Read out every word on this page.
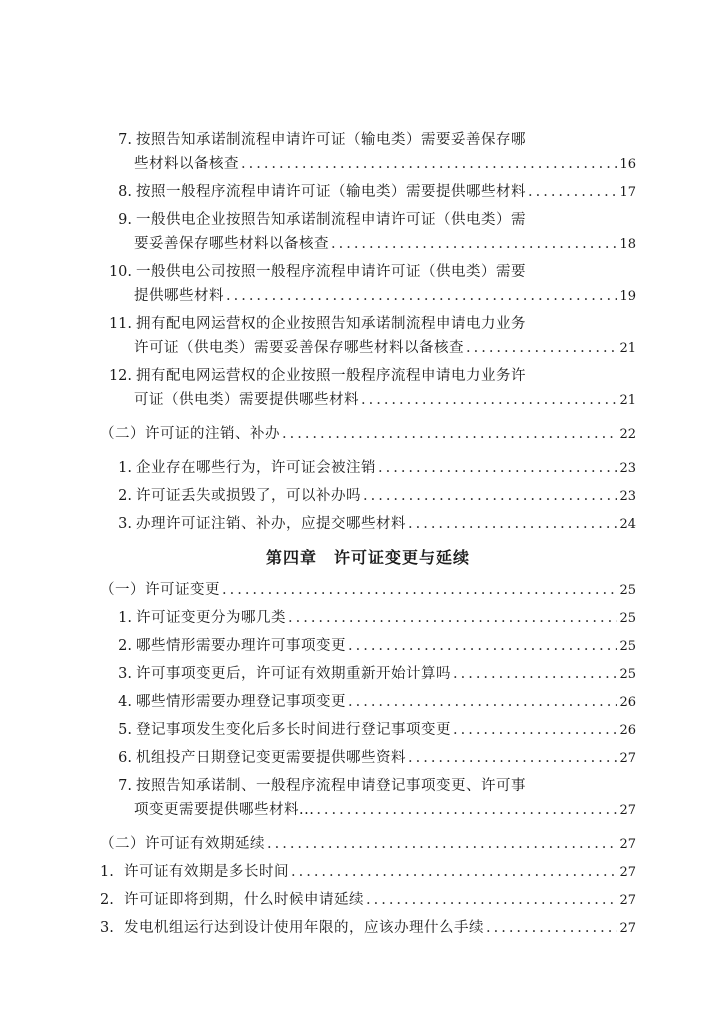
7. 按照告知承诺制流程申请许可证（输电类）需要妥善保存哪
些材料以备核查 .....	16
8. 按照一般程序流程申请许可证（输电类）需要提供哪些材料 .....	17
9. 一般供电企业按照告知承诺制流程申请许可证（供电类）需
要妥善保存哪些材料以备核查 .....	18
10. 一般供电公司按照一般程序流程申请许可证（供电类）需要
提供哪些材料 .....	19
11. 拥有配电网运营权的企业按照告知承诺制流程申请电力业务
许可证（供电类）需要妥善保存哪些材料以备核查 .....	21
12. 拥有配电网运营权的企业按照一般程序流程申请电力业务许
可证（供电类）需要提供哪些材料 .....	21
（二）许可证的注销、补办 .....	22
1. 企业存在哪些行为，许可证会被注销 .....	23
2. 许可证丢失或损毁了，可以补办吗 .....	23
3. 办理许可证注销、补办，应提交哪些材料 .....	24
第四章　许可证变更与延续
（一）许可证变更 .....	25
1. 许可证变更分为哪几类 .....	25
2. 哪些情形需要办理许可事项变更 .....	25
3. 许可事项变更后，许可证有效期重新开始计算吗 .....	25
4. 哪些情形需要办理登记事项变更 .....	26
5. 登记事项发生变化后多长时间进行登记事项变更 .....	26
6. 机组投产日期登记变更需要提供哪些资料 .....	27
7. 按照告知承诺制、一般程序流程申请登记事项变更、许可事
项变更需要提供哪些材料... .....	27
（二）许可证有效期延续 .....	27
1. 许可证有效期是多长时间 .....	27
2. 许可证即将到期，什么时候申请延续 .....	27
3. 发电机组运行达到设计使用年限的，应该办理什么手续 .....	27
